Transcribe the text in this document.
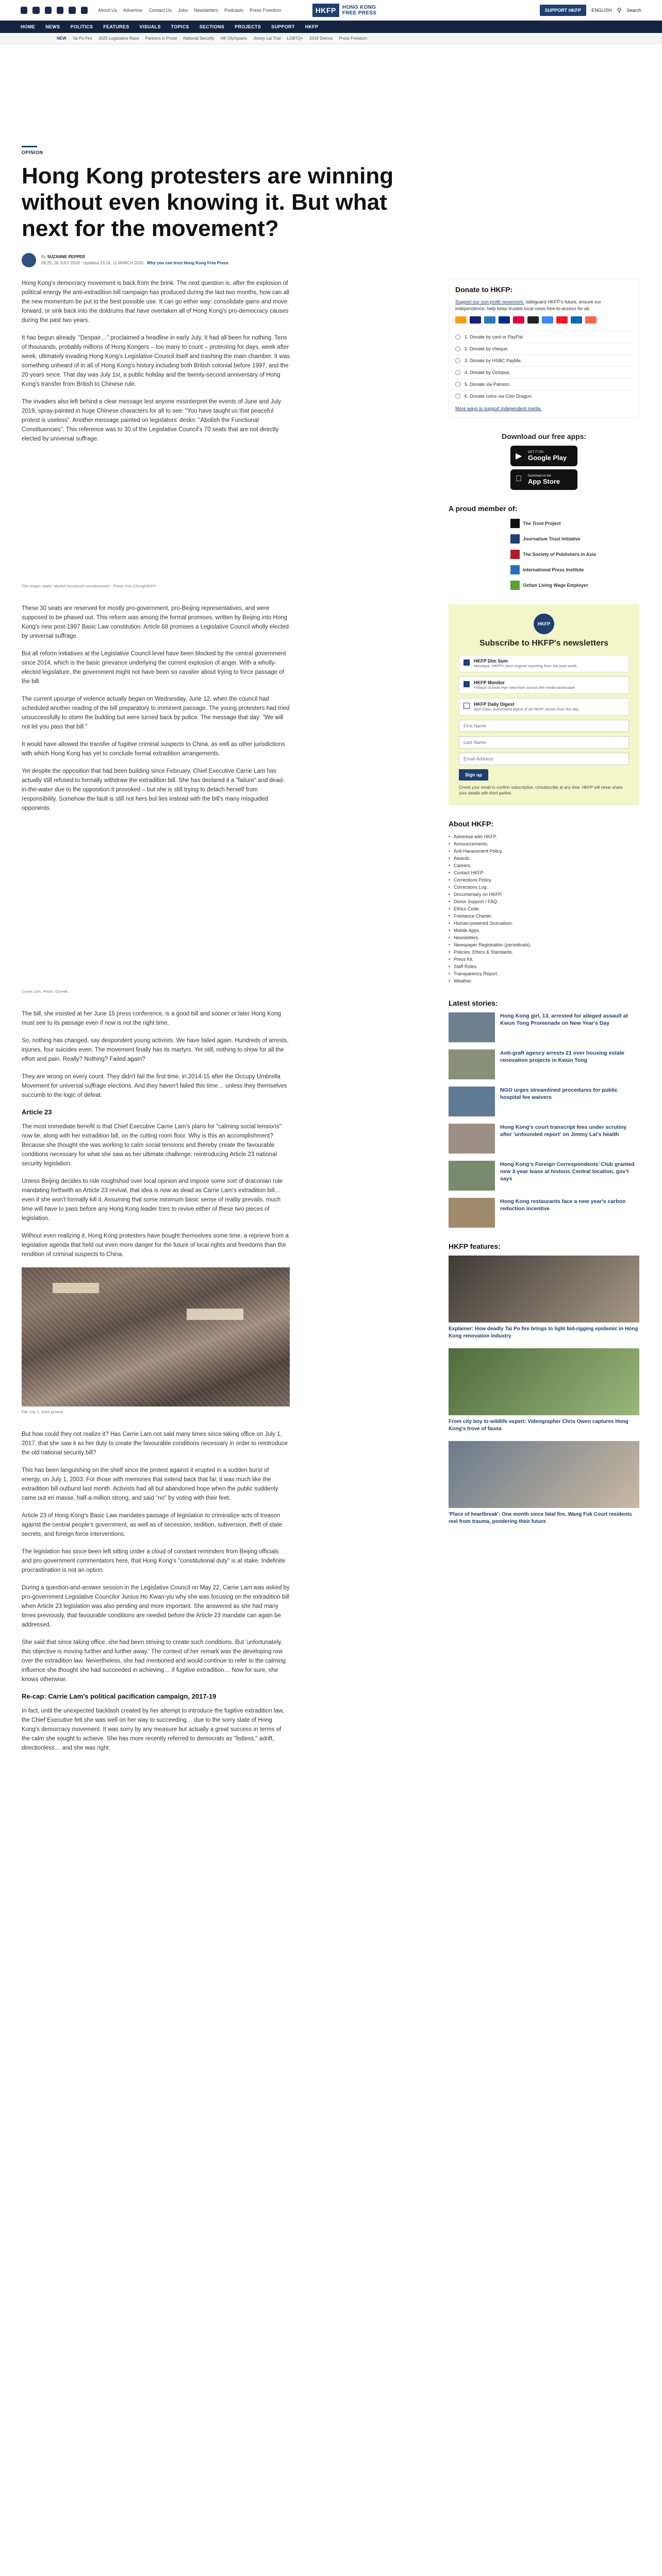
About Us Advertise Contact Us Jobs Newsletters Podcasts Press Freedom	HKFP	HONG KONG
FREE PRESS	SUPPORT HKFP	ENGLISH ⚲ Search
HOME NEWS POLITICS FEATURES VISUALS TOPICS SECTIONS PROJECTS SUPPORT HKFP
NEW Tai Po Fire 2025 Legislative Race Partners in Prose National Security HK Olympians Jimmy Lai Trial LGBTQ+ 2019 Demos Press Freedom
OPINION
Hong Kong protesters are winning without even knowing it. But what next for the movement?
By SUZANNE PEPPER
09:25, 28 JULY 2019 · Updated 23:18, 11 MARCH 2020 Why you can trust Hong Kong Free Press

Hong Kong's democracy movement is back from the brink. The next question is, after the explosion of political energy the anti-extradition bill campaign has produced during the last two months, how can all the new momentum be put to the best possible use. It can go either way: consolidate gains and move forward, or sink back into the doldrums that have overtaken all of Hong Kong's pro-democracy causes during the past two years.

It has begun already. "Despair…" proclaimed a headline in early July. It had all been for nothing. Tens of thousands, probably millions of Hong Kongers – too many to count – protesting for days, week after week, ultimately invading Hong Kong's Legislative Council itself and trashing the main chamber. It was something unheard of in all of Hong Kong's history including both British colonial before 1997, and the 20 years since. That day was July 1st, a public holiday and the twenty-second anniversary of Hong Kong's transfer from British to Chinese rule.

The invaders also left behind a clear message lest anyone misinterpret the events of June and July 2019, spray-painted in huge Chinese characters for all to see: "You have taught us that peaceful protest is useless". Another message painted on legislators' desks: "Abolish the Functional Constituencies". This reference was to 30 of the Legislative Council's 70 seats that are not directly elected by universal suffrage.

The slogan reads "abolish functional constituencies". Photo: Kris Cheng/HKFP.

These 30 seats are reserved for mostly pro-government, pro-Beijing representatives, and were supposed to be phased out. This reform was among the formal promises, written by Beijing into Hong Kong's new post-1997 Basic Law constitution. Article 68 promises a Legislative Council wholly elected by universal suffrage.

But all reform initiatives at the Legislative Council level have been blocked by the central government since 2014, which is the basic grievance underlying the current explosion of anger. With a wholly-elected legislature, the government might not have been so cavalier about trying to force passage of the bill.

The current upsurge of violence actually began on Wednesday, June 12, when the council had scheduled another reading of the bill preparatory to imminent passage. The young protesters had tried unsuccessfully to storm the building but were turned back by police. The message that day: "We will not let you pass that bill."

It would have allowed the transfer of fugitive criminal suspects to China, as well as other jurisdictions with which Hong Kong has yet to conclude formal extradition arrangements.

Yet despite the opposition that had been building since February, Chief Executive Carrie Lam has actually still refused to formally withdraw the extradition bill. She has declared it a "failure" and dead-in-the-water due to the opposition it provoked – but she is still trying to detach herself from responsibility. Somehow the fault is still not hers but lies instead with the bill's many misguided opponents.

Carrie Lam. Photo: GovHK.

The bill, she insisted at her June 15 press conference, is a good bill and sooner or later Hong Kong must see to its passage even if now is not the right time.

So, nothing has changed, say despondent young activists. We have failed again. Hundreds of arrests, injuries, four suicides even. The movement finally has its martyrs. Yet still, nothing to show for all the effort and pain. Really? Nothing? Failed again?

They are wrong on every count. They didn't fail the first time, in 2014-15 after the Occupy Umbrella Movement for universal suffrage elections. And they haven't failed this time… unless they themselves succumb to the logic of defeat.

Article 23

The most immediate benefit is that Chief Executive Carrie Lam's plans for "calming social tensions" now lie, along with her extradition bill, on the cutting room floor. Why is this an accomplishment? Because she thought she was working to calm social tensions and thereby create the favourable conditions necessary for what she saw as her ultimate challenge: reintroducing Article 23 national security legislation.

Unless Beijing decides to ride roughshod over local opinion and impose some sort of draconian rule mandating forthwith an Article 23 revival, that idea is now as dead as Carrie Lam's extradition bill… even if she won't formally kill it. Assuming that some minimum basic sense of reality prevails, much time will have to pass before any Hong Kong leader tries to revive either of these two pieces of legislation.

Without even realizing it, Hong Kong protesters have bought themselves some time, a reprieve from a legislative agenda that held out even more danger for the future of local rights and freedoms than the rendition of criminal suspects to China.

File July 1, 2003 protest.

But how could they not realize it? Has Carrie Lam not said many times since taking office on July 1, 2017, that she saw it as her duty to create the favourable conditions necessary in order to reintroduce the old national security bill?

This has been languishing on the shelf since the protest against it erupted in a sudden burst of energy, on July 1, 2003. For those with memories that extend back that far, it was much like the extradition bill outburst last month. Activists had all but abandoned hope when the public suddenly came out en masse, half-a-million strong, and said "no" by voting with their feet.

Article 23 of Hong Kong's Basic Law mandates passage of legislation to criminalize acts of treason against the central people's government, as well as of secession, sedition, subversion, theft of state secrets, and foreign force interventions.

The legislation has since been left sitting under a cloud of constant reminders from Beijing officials and pro-government commentators here, that Hong Kong's "constitutional duty" is at stake. Indefinite procrastination is not an option.

During a question-and-answer session in the Legislative Council on May 22, Carrie Lam was asked by pro-government Legislative Councilor Junius Ho Kwan-yiu why she was focusing on the extradition bill when Article 23 legislation was also pending and more important. She answered as she had many times previously, that favourable conditions are needed before the Article 23 mandate can again be addressed.

She said that since taking office, she had been striving to create such conditions. But 'unfortunately, this objective is moving further and further away.' The context of her remark was the developing row over the extradition law. Nevertheless, she had mentioned and would continue to refer to the calming influence she thought she had succeeded in achieving… if fugitive extradition… Now for sure, she knows otherwise.

Re-cap: Carrie Lam's political pacification campaign, 2017-19

In fact, until the unexpected backlash created by her attempt to introduce the fugitive extradition law, the Chief Executive felt she was well on her way to succeeding… due to the sorry state of Hong Kong's democracy movement. It was sorry by any measure but actually a great success in terms of the calm she sought to achieve. She has more recently referred to democrats as "listless," adrift, directionless… and she was right.

Donate to HKFP:
Support our non-profit newsroom: safeguard HKFP's future, ensure our independence, help keep trusted local news free-to-access for all.
1. Donate by card or PayPal.
2. Donate by cheque.
3. Donate by HSBC PayMe.
4. Donate by Octopus.
5. Donate via Patreon.
6. Donate coins via Coin Dragon.
More ways to support independent media.
Download our free apps:
▶ GET IT ON
Google Play
Download on the
App Store
A proud member of:
The Trust Project
Journalism Trust Initiative
The Society of Publishers in Asia
International Press Institute
Oxfam Living Wage Employer
HKFP
Subscribe to HKFP's newsletters
HKFP Dim Sum
Mondays: HKFP's best original reporting from the past week.
HKFP Monitor
Fridays: A birds-eye view from across the media landscape.
HKFP Daily Digest
9pm Daily: Automated digest of all HKFP stories from the day.
First Name Last Name Email Address Sign up
Check your email to confirm subscription. Unsubscribe at any time. HKFP will never share your details with third parties.
About HKFP:
• Advertise with HKFP.
• Announcements.
• Anti-Harassment Policy.
• Awards.
• Careers.
• Contact HKFP.
• Corrections Policy.
• Corrections Log.
• Documentary on HKFP.
• Donor Support / FAQ.
• Ethics Code.
• Freelance Charter.
• Human-powered Journalism.
• Mobile Apps.
• Newsletters.
• Newspaper Registration (periodicals).
• Policies, Ethics & Standards.
• Press Kit.
• Staff Roles.
• Transparency Report.
• Weather.
Latest stories:
Hong Kong girl, 13, arrested for alleged assault at Kwun Tong Promenade on New Year's Day
Anti-graft agency arrests 21 over housing estate renovation projects in Kwun Tong
NGO urges streamlined procedures for public hospital fee waivers
Hong Kong's court transcript fees under scrutiny after 'unfounded report' on Jimmy Lai's health
Hong Kong's Foreign Correspondents' Club granted new 3-year lease at historic Central location, gov't says
Hong Kong restaurants face a new year's carbon reduction incentive
HKFP features:
Explainer: How deadly Tai Po fire brings to light bid-rigging epidemic in Hong Kong renovation industry
From city boy to wildlife expert: Videographer Chris Owen captures Hong Kong's trove of fauna
'Place of heartbreak': One month since fatal fire, Wang Fuk Court residents reel from trauma, pondering their future
